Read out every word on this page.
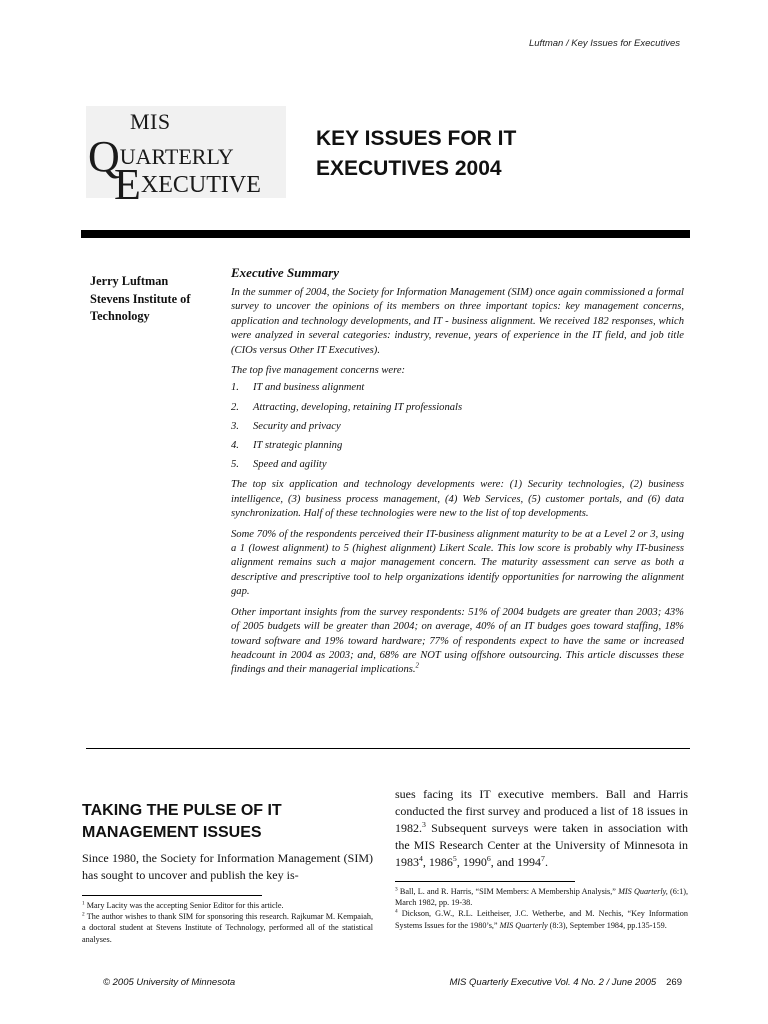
Luftman / Key Issues for Executives
MIS
QUARTERLY
EXECUTIVE
KEY ISSUES FOR IT
EXECUTIVES 2004
Jerry Luftman
Stevens Institute of
Technology
Executive Summary

In the summer of 2004, the Society for Information Management (SIM) once again commissioned a formal survey to uncover the opinions of its members on three important topics: key management concerns, application and technology developments, and IT - business alignment. We received 182 responses, which were analyzed in several categories: industry, revenue, years of experience in the IT field, and job title (CIOs versus Other IT Executives).

The top five management concerns were:

1. IT and business alignment
2. Attracting, developing, retaining IT professionals
3. Security and privacy
4. IT strategic planning
5. Speed and agility

The top six application and technology developments were: (1) Security technologies, (2) business intelligence, (3) business process management, (4) Web Services, (5) customer portals, and (6) data synchronization. Half of these technologies were new to the list of top developments.

Some 70% of the respondents perceived their IT-business alignment maturity to be at a Level 2 or 3, using a 1 (lowest alignment) to 5 (highest alignment) Likert Scale. This low score is probably why IT-business alignment remains such a major management concern. The maturity assessment can serve as both a descriptive and prescriptive tool to help organizations identify opportunities for narrowing the alignment gap.

Other important insights from the survey respondents: 51% of 2004 budgets are greater than 2003; 43% of 2005 budgets will be greater than 2004; on average, 40% of an IT budges goes toward staffing, 18% toward software and 19% toward hardware; 77% of respondents expect to have the same or increased headcount in 2004 as 2003; and, 68% are NOT using offshore outsourcing. This article discusses these findings and their managerial implications.$^2$

TAKING THE PULSE OF IT
MANAGEMENT ISSUES

Since 1980, the Society for Information Management (SIM) has sought to uncover and publish the key is-

$^1$ Mary Lacity was the accepting Senior Editor for this article.

$^2$ The author wishes to thank SIM for sponsoring this research. Rajkumar M. Kempaiah, a doctoral student at Stevens Institute of Technology, performed all of the statistical analyses.

sues facing its IT executive members. Ball and Harris conducted the first survey and produced a list of 18 issues in 1982.$^3$ Subsequent surveys were taken in association with the MIS Research Center at the University of Minnesota in 1983$^4$, 1986$^5$, 1990$^6$, and 1994$^7$.

$^3$ Ball, L. and R. Harris, “SIM Members: A Membership Analysis,” MIS Quarterly, (6:1), March 1982, pp. 19-38.

$^4$ Dickson, G.W., R.L. Leitheiser, J.C. Wetherbe, and M. Nechis, “Key Information Systems Issues for the 1980’s,” MIS Quarterly (8:3), September 1984, pp.135-159.

© 2005 University of Minnesota	MIS Quarterly Executive Vol. 4 No. 2 / June 2005 269
